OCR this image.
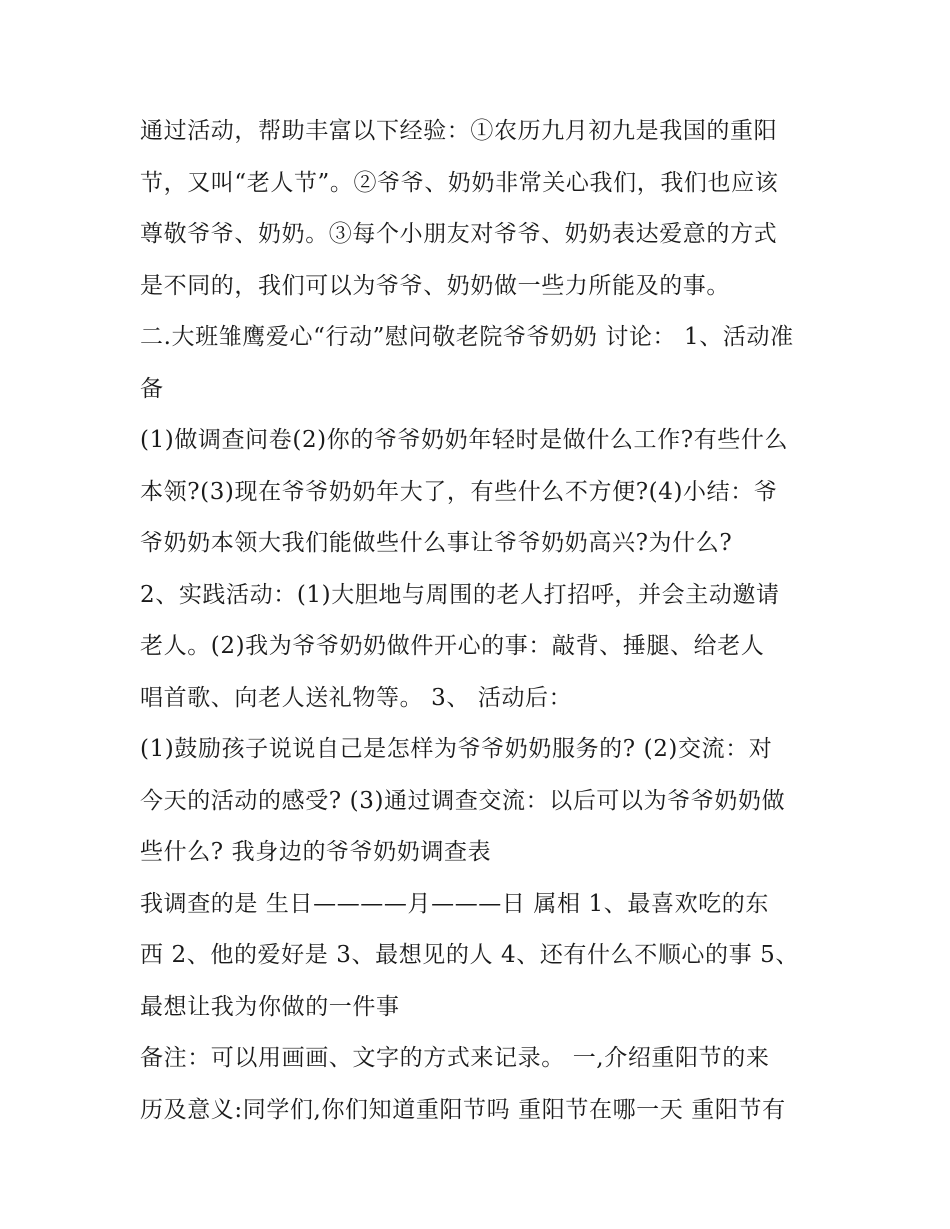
通过活动，帮助丰富以下经验：①农历九月初九是我国的重阳
节，又叫“老人节”。②爷爷、奶奶非常关心我们，我们也应该
尊敬爷爷、奶奶。③每个小朋友对爷爷、奶奶表达爱意的方式
是不同的，我们可以为爷爷、奶奶做一些力所能及的事。

二.大班雏鹰爱心“行动”慰问敬老院爷爷奶奶 讨论： 1、活动准
备

(1)做调查问卷(2)你的爷爷奶奶年轻时是做什么工作?有些什么
本领?(3)现在爷爷奶奶年大了，有些什么不方便?(4)小结：爷
爷奶奶本领大我们能做些什么事让爷爷奶奶高兴?为什么?

2、实践活动：(1)大胆地与周围的老人打招呼，并会主动邀请
老人。(2)我为爷爷奶奶做件开心的事：敲背、捶腿、给老人
唱首歌、向老人送礼物等。 3、 活动后：

(1)鼓励孩子说说自己是怎样为爷爷奶奶服务的? (2)交流：对
今天的活动的感受? (3)通过调查交流：以后可以为爷爷奶奶做
些什么? 我身边的爷爷奶奶调查表

我调查的是 生日————月———日 属相 1、最喜欢吃的东
西 2、他的爱好是 3、最想见的人 4、还有什么不顺心的事 5、
最想让我为你做的一件事

备注：可以用画画、文字的方式来记录。 一,介绍重阳节的来
历及意义:同学们,你们知道重阳节吗 重阳节在哪一天 重阳节有
